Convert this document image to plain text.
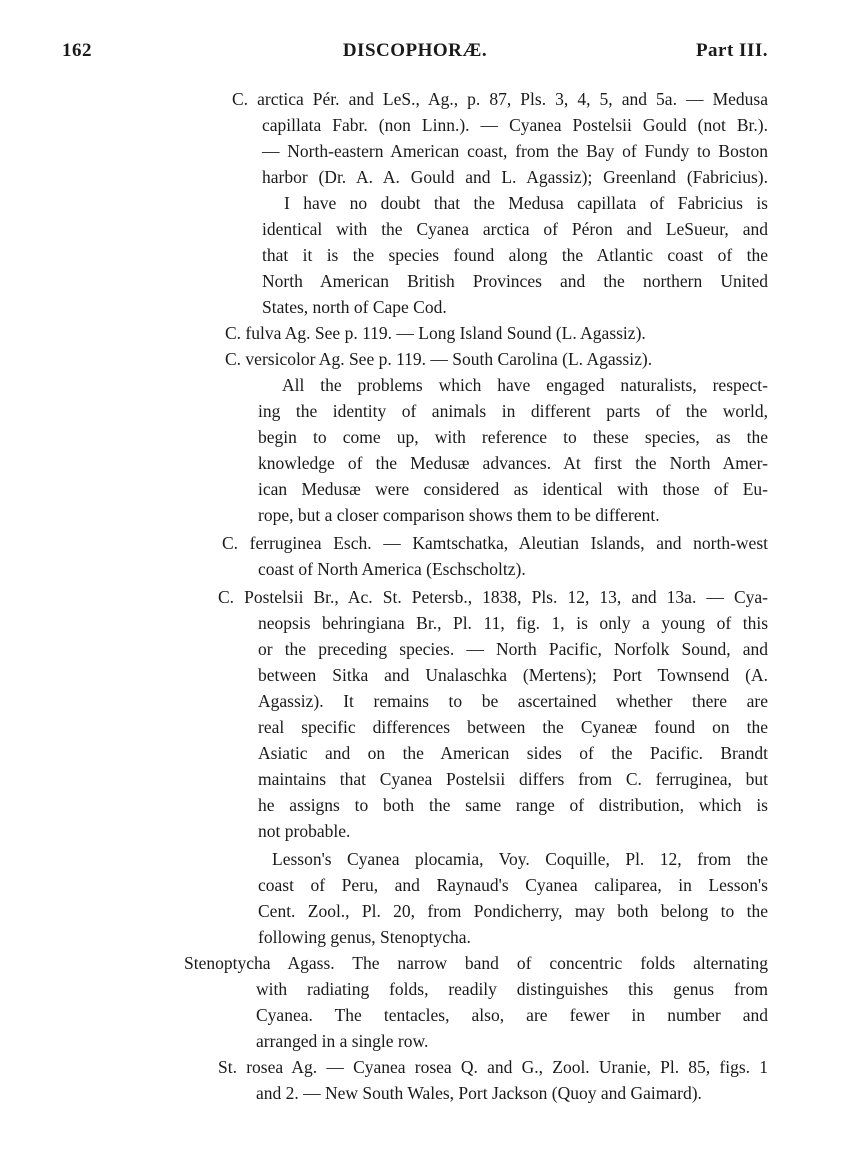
162	DISCOPHORÆ.	Part III.

C. arctica Pér. and LeS., Ag., p. 87, Pls. 3, 4, 5, and 5a. — Medusa

capillata Fabr. (non Linn.). — Cyanea Postelsii Gould (not Br.).

— North-eastern American coast, from the Bay of Fundy to Boston

harbor (Dr. A. A. Gould and L. Agassiz); Greenland (Fabricius).

I have no doubt that the Medusa capillata of Fabricius is

identical with the Cyanea arctica of Péron and LeSueur, and

that it is the species found along the Atlantic coast of the

North American British Provinces and the northern United

States, north of Cape Cod.

C. fulva Ag. See p. 119. — Long Island Sound (L. Agassiz).

C. versicolor Ag. See p. 119. — South Carolina (L. Agassiz).

All the problems which have engaged naturalists, respect-

ing the identity of animals in different parts of the world,

begin to come up, with reference to these species, as the

knowledge of the Medusæ advances. At first the North Amer-

ican Medusæ were considered as identical with those of Eu-

rope, but a closer comparison shows them to be different.

C. ferruginea Esch. — Kamtschatka, Aleutian Islands, and north-west

coast of North America (Eschscholtz).

C. Postelsii Br., Ac. St. Petersb., 1838, Pls. 12, 13, and 13a. — Cya-

neopsis behringiana Br., Pl. 11, fig. 1, is only a young of this

or the preceding species. — North Pacific, Norfolk Sound, and

between Sitka and Unalaschka (Mertens); Port Townsend (A.

Agassiz). It remains to be ascertained whether there are

real specific differences between the Cyaneæ found on the

Asiatic and on the American sides of the Pacific. Brandt

maintains that Cyanea Postelsii differs from C. ferruginea, but

he assigns to both the same range of distribution, which is

not probable.

Lesson's Cyanea plocamia, Voy. Coquille, Pl. 12, from the

coast of Peru, and Raynaud's Cyanea caliparea, in Lesson's

Cent. Zool., Pl. 20, from Pondicherry, may both belong to the

following genus, Stenoptycha.

Stenoptycha Agass. The narrow band of concentric folds alternating

with radiating folds, readily distinguishes this genus from

Cyanea. The tentacles, also, are fewer in number and

arranged in a single row.

St. rosea Ag. — Cyanea rosea Q. and G., Zool. Uranie, Pl. 85, figs. 1

and 2. — New South Wales, Port Jackson (Quoy and Gaimard).
